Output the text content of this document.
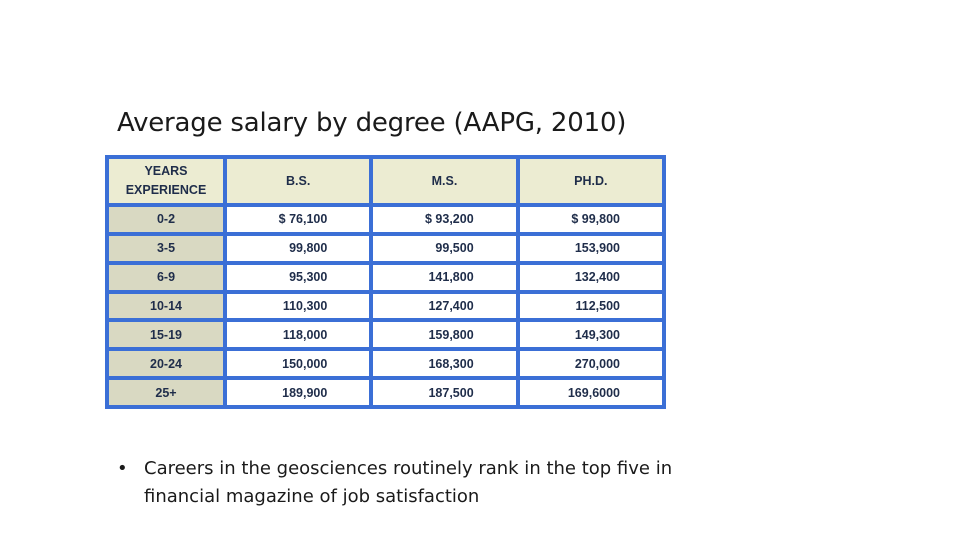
Average salary by degree (AAPG, 2010)
YEARS
EXPERIENCE	B.S.	M.S.	PH.D.
0-2	$ 76,100	$ 93,200	$ 99,800
3-5	99,800	99,500	153,900
6-9	95,300	141,800	132,400
10-14	110,300	127,400	112,500
15-19	118,000	159,800	149,300
20-24	150,000	168,300	270,000
25+	189,900	187,500	169,6000
• Careers in the geosciences routinely rank in the top five in financial magazine of job satisfaction
